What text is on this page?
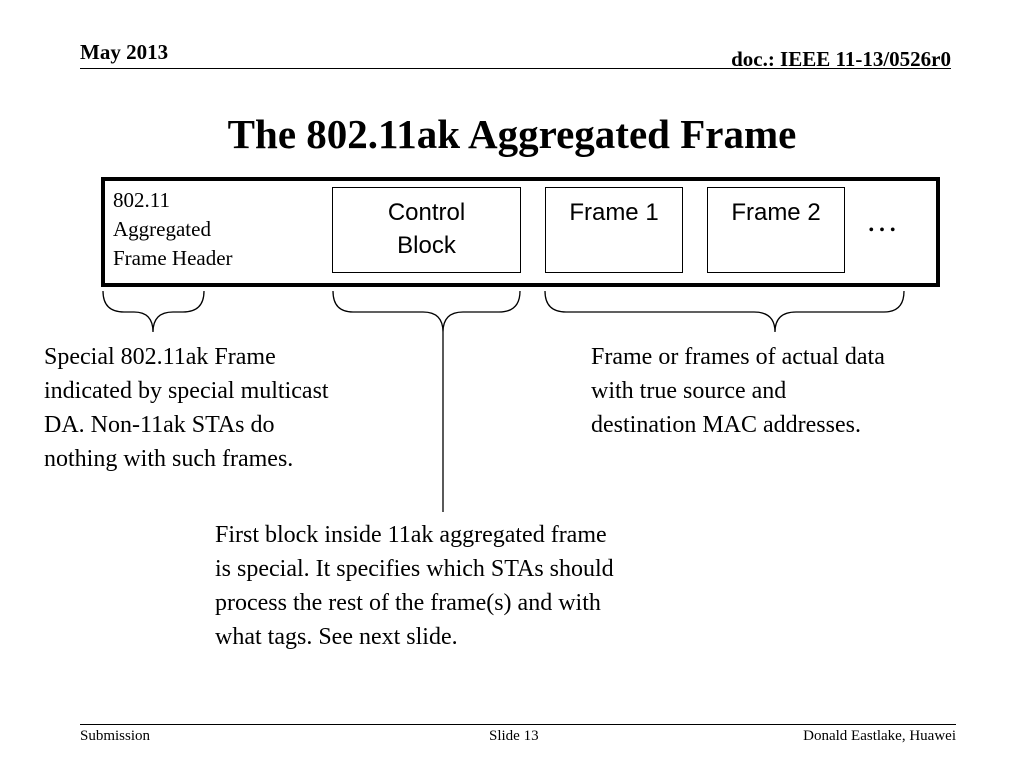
May 2013	doc.: IEEE 11-13/0526r0
The 802.11ak Aggregated Frame
802.11
Aggregated
Frame Header
Control
Block
Frame 1	Frame 2	…
Special 802.11ak Frame
indicated by special multicast
DA. Non-11ak STAs do
nothing with such frames.
Frame or frames of actual data
with true source and
destination MAC addresses.
First block inside 11ak aggregated frame
is special. It specifies which STAs should
process the rest of the frame(s) and with
what tags. See next slide.
Submission	Slide 13	Donald Eastlake, Huawei
